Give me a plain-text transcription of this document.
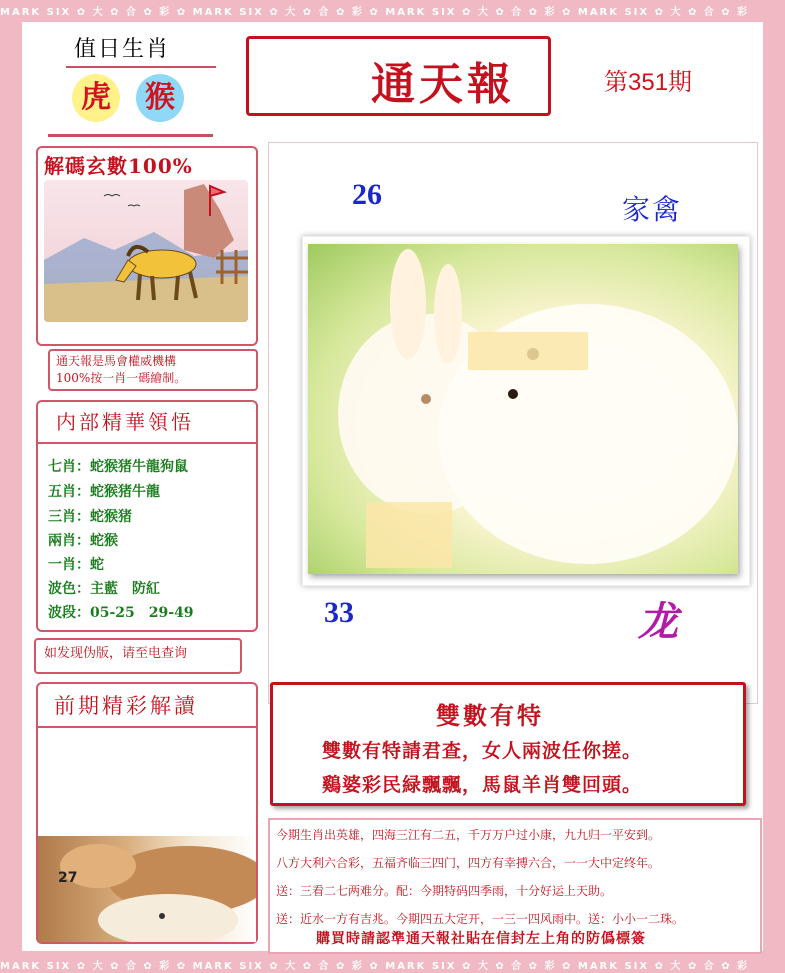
MARK SIX ✿ 大 ✿ 合 ✿ 彩 ✿ MARK SIX ✿ 大 ✿ 合 ✿ 彩 ✿ MARK SIX ✿ 大 ✿ 合 ✿ 彩 ✿ MARK SIX ✿ 大 ✿ 合 ✿ 彩
MARK SIX ✿ 大 ✿ 合 ✿ 彩 ✿ MARK SIX ✿ 大 ✿ 合 ✿ 彩 ✿ MARK SIX ✿ 大 ✿ 合 ✿ 彩 ✿ MARK SIX ✿ 大 ✿ 合 ✿ 彩
值日生肖
虎	猴	通天報	第351期
解碼玄數100%
通天報是馬會權威機構
100%按一肖一碼繪制。
内部精華領悟
七肖：蛇猴猪牛龍狗鼠
五肖：蛇猴猪牛龍
三肖：蛇猴猪
兩肖：蛇猴
一肖：蛇
波色：主藍　防紅
波段：05-25　29-49
如发现伪版，请至电查询
前期精彩解讀
27
26	家禽
33	龙
雙數有特
雙數有特請君查，女人兩波任你搓。
鷄婆彩民緑飄飄，馬鼠羊肖雙回頭。
今期生肖出英雄，四海三江有二五，千万万户过小康，九九归一平安到。
八方大利六合彩，五福齐临三四门，四方有幸搏六合，一一大中定终年。
送：三看二七两难分。配：今期特码四季雨，十分好运上天助。
送：近水一方有吉兆。今期四五大定开，一三一四风雨中。送：小小一二珠。
購買時請認準通天報社貼在信封左上角的防僞標簽
